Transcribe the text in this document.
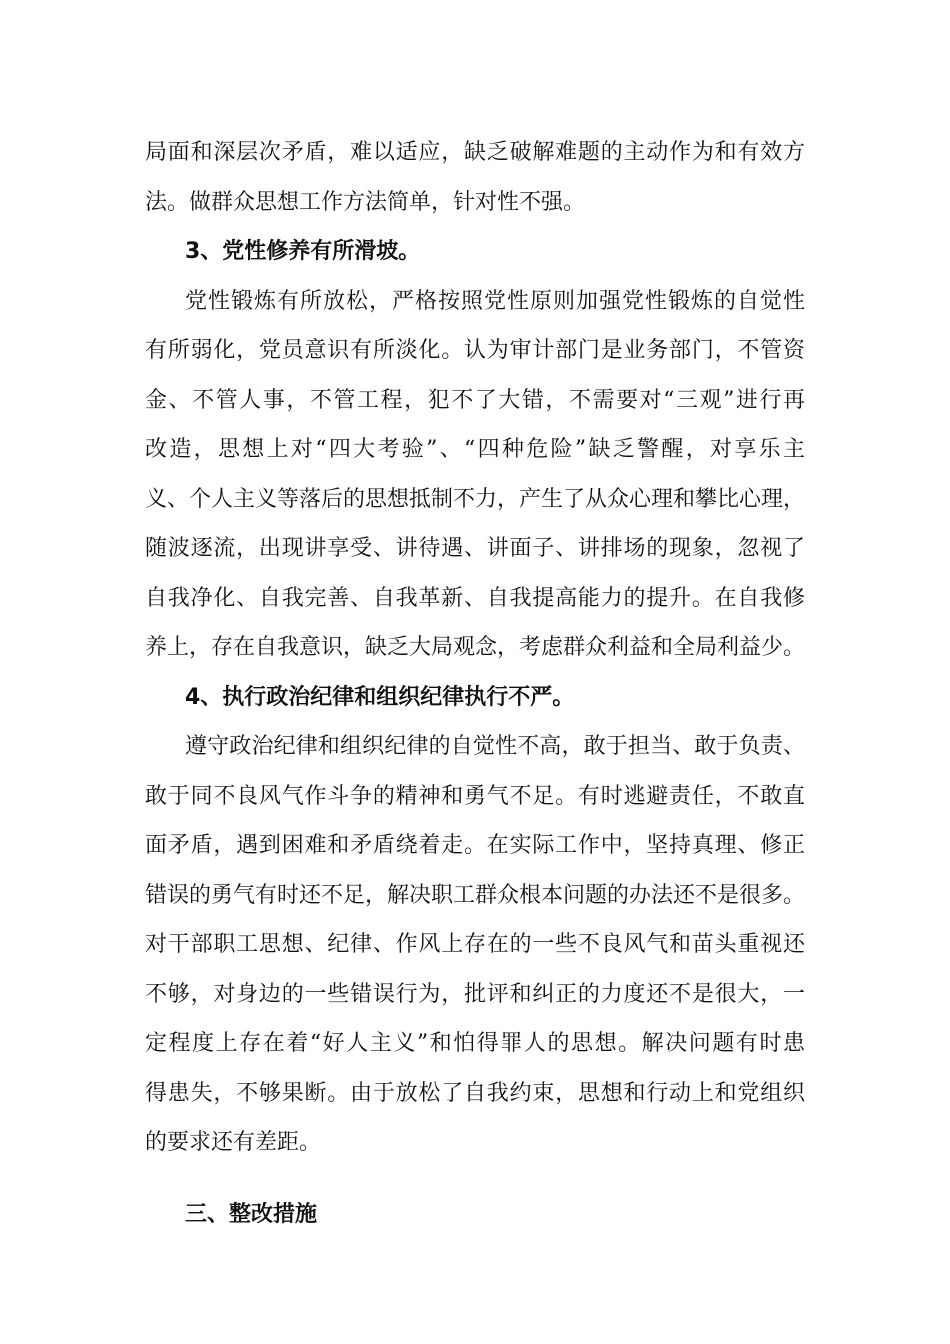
局面和深层次矛盾，难以适应，缺乏破解难题的主动作为和有效方
法。做群众思想工作方法简单，针对性不强。
3、党性修养有所滑坡。
党性锻炼有所放松，严格按照党性原则加强党性锻炼的自觉性
有所弱化，党员意识有所淡化。认为审计部门是业务部门，不管资
金、不管人事，不管工程，犯不了大错，不需要对“三观”进行再
改造，思想上对“四大考验”、“四种危险”缺乏警醒，对享乐主
义、个人主义等落后的思想抵制不力，产生了从众心理和攀比心理，
随波逐流，出现讲享受、讲待遇、讲面子、讲排场的现象，忽视了
自我净化、自我完善、自我革新、自我提高能力的提升。在自我修
养上，存在自我意识，缺乏大局观念，考虑群众利益和全局利益少。
4、执行政治纪律和组织纪律执行不严。
遵守政治纪律和组织纪律的自觉性不高，敢于担当、敢于负责、
敢于同不良风气作斗争的精神和勇气不足。有时逃避责任，不敢直
面矛盾，遇到困难和矛盾绕着走。在实际工作中，坚持真理、修正
错误的勇气有时还不足，解决职工群众根本问题的办法还不是很多。
对干部职工思想、纪律、作风上存在的一些不良风气和苗头重视还
不够，对身边的一些错误行为，批评和纠正的力度还不是很大，一
定程度上存在着“好人主义”和怕得罪人的思想。解决问题有时患
得患失，不够果断。由于放松了自我约束，思想和行动上和党组织
的要求还有差距。
三、整改措施
